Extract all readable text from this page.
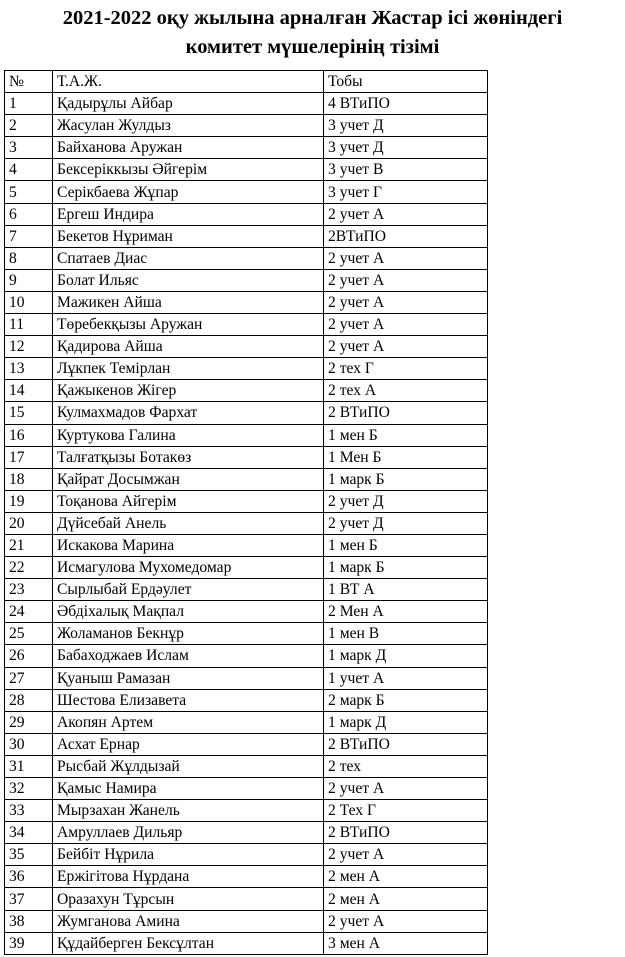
2021-2022 оқу жылына арналған Жастар ісі жөніндегі
комитет мүшелерінің тізімі
№	Т.А.Ж.	Тобы
1	Қадырұлы Айбар	4 ВТиПО
2	Жасулан Жулдыз	3 учет Д
3	Байханова Аружан	3 учет Д
4	Бексеріккызы Әйгерім	3 учет В
5	Серікбаева Жұпар	3 учет Г
6	Ергеш Индира	2 учет А
7	Бекетов Нұриман	2ВТиПО
8	Спатаев Диас	2 учет А
9	Болат Ильяс	2 учет А
10	Мажикен Айша	2 учет А
11	Төребекқызы Аружан	2 учет А
12	Қадирова Айша	2 учет А
13	Лұкпек Темірлан	2 тех Г
14	Қажыкенов Жігер	2 тех А
15	Кулмахмадов Фархат	2 ВТиПО
16	Куртукова Галина	1 мен Б
17	Талғатқызы Ботакөз	1 Мен Б
18	Қайрат Досымжан	1 марк Б
19	Тоқанова Айгерім	2 учет Д
20	Дүйсебай Анель	2 учет Д
21	Искакова Марина	1 мен Б
22	Исмагулова Мухомедомар	1 марк Б
23	Сырлыбай Ердәулет	1 ВТ А
24	Әбдіхалық Мақпал	2 Мен А
25	Жоламанов Бекнұр	1 мен В
26	Бабаходжаев Ислам	1 марк Д
27	Қуаныш Рамазан	1 учет А
28	Шестова Елизавета	2 марк Б
29	Акопян Артем	1 марк Д
30	Асхат Ернар	2 ВТиПО
31	Рысбай Жұлдызай	2 тех
32	Қамыс Намира	2 учет А
33	Мырзахан Жанель	2 Тех Г
34	Амруллаев Дильяр	2 ВТиПО
35	Бейбіт Нұрила	2 учет А
36	Ержігітова Нұрдана	2 мен А
37	Оразахун Тұрсын	2 мен А
38	Жумганова Амина	2 учет А
39	Құдайберген Бексұлтан	3 мен А
